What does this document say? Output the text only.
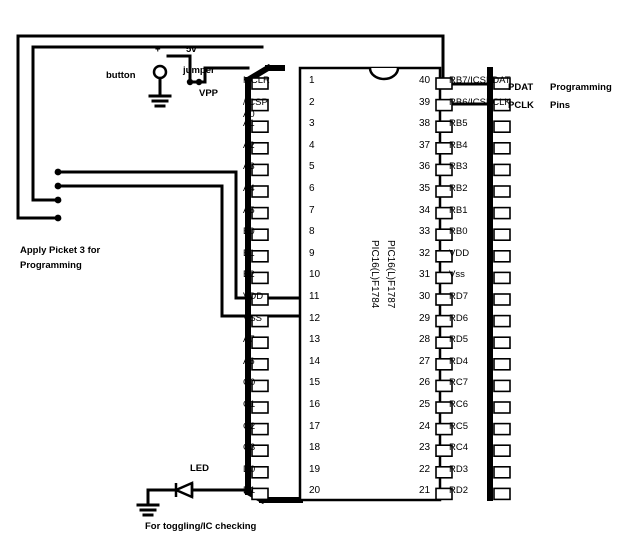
1
MCLR
2
/ICSP
A0
3
A1
4
A2
5
A3
6
A4
7
A5
8
E0
9
E1
10
E2
11
VDD
12
VSS
13
A7
14
A6
15
C0
16
C1
17
C2
18
C3
19
D0
20
D1
40 RB7/ICSPDAT
39 RB6/ICSPCLK
38 RB5
37 RB4
36 RB3
35 RB2
34 RB1
33 RB0
32 VDD
31 Vss
30 RD7
29 RD6
28 RD5
27 RD4
26 RC7
25 RC6
24 RC5
23 RC4
22 RD3
21 RD2
Apply Picket 3 for
Programming
button	jumper
5v
+
VPP
LED
For toggling/IC checking
PDAT
PCLK
Programming
Pins
PIC16(L)F1784 PIC16(L)F1787
